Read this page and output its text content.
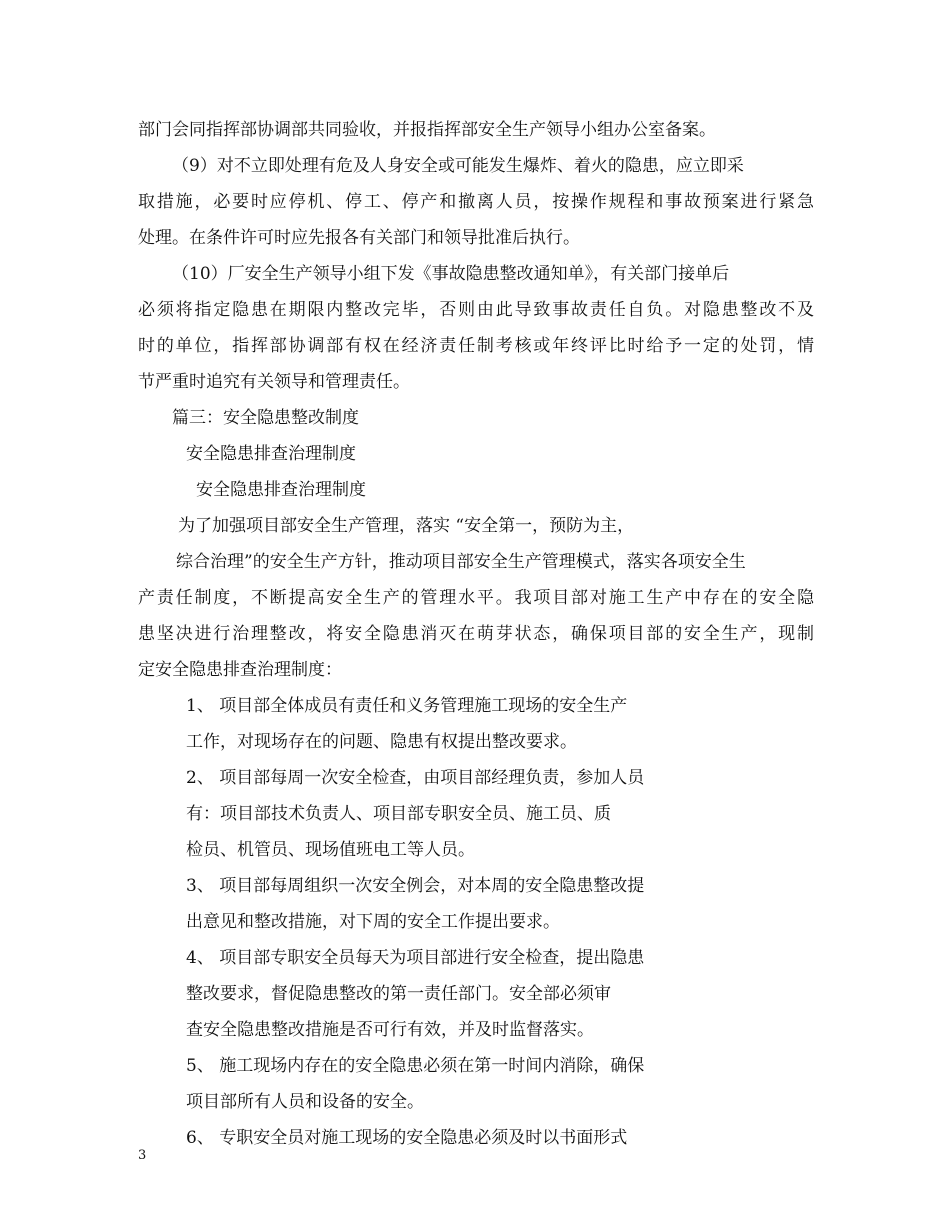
部门会同指挥部协调部共同验收，并报指挥部安全生产领导小组办公室备案。
（9）对不立即处理有危及人身安全或可能发生爆炸、着火的隐患，应立即采
取措施，必要时应停机、停工、停产和撤离人员，按操作规程和事故预案进行紧急
处理。在条件许可时应先报各有关部门和领导批准后执行。
（10）厂安全生产领导小组下发《事故隐患整改通知单》，有关部门接单后
必须将指定隐患在期限内整改完毕，否则由此导致事故责任自负。对隐患整改不及
时的单位，指挥部协调部有权在经济责任制考核或年终评比时给予一定的处罚，情
节严重时追究有关领导和管理责任。
篇三：安全隐患整改制度
安全隐患排查治理制度
安全隐患排查治理制度
为了加强项目部安全生产管理，落实 “安全第一，预防为主，
综合治理”的安全生产方针，推动项目部安全生产管理模式，落实各项安全生
产责任制度，不断提高安全生产的管理水平。我项目部对施工生产中存在的安全隐
患坚决进行治理整改，将安全隐患消灭在萌芽状态，确保项目部的安全生产，现制
定安全隐患排查治理制度：
1、 项目部全体成员有责任和义务管理施工现场的安全生产
工作，对现场存在的问题、隐患有权提出整改要求。
2、 项目部每周一次安全检查，由项目部经理负责，参加人员
有：项目部技术负责人、项目部专职安全员、施工员、质
检员、机管员、现场值班电工等人员。
3、 项目部每周组织一次安全例会，对本周的安全隐患整改提
出意见和整改措施，对下周的安全工作提出要求。
4、 项目部专职安全员每天为项目部进行安全检查，提出隐患
整改要求，督促隐患整改的第一责任部门。安全部必须审
查安全隐患整改措施是否可行有效，并及时监督落实。
5、 施工现场内存在的安全隐患必须在第一时间内消除，确保
项目部所有人员和设备的安全。
6、 专职安全员对施工现场的安全隐患必须及时以书面形式
3
